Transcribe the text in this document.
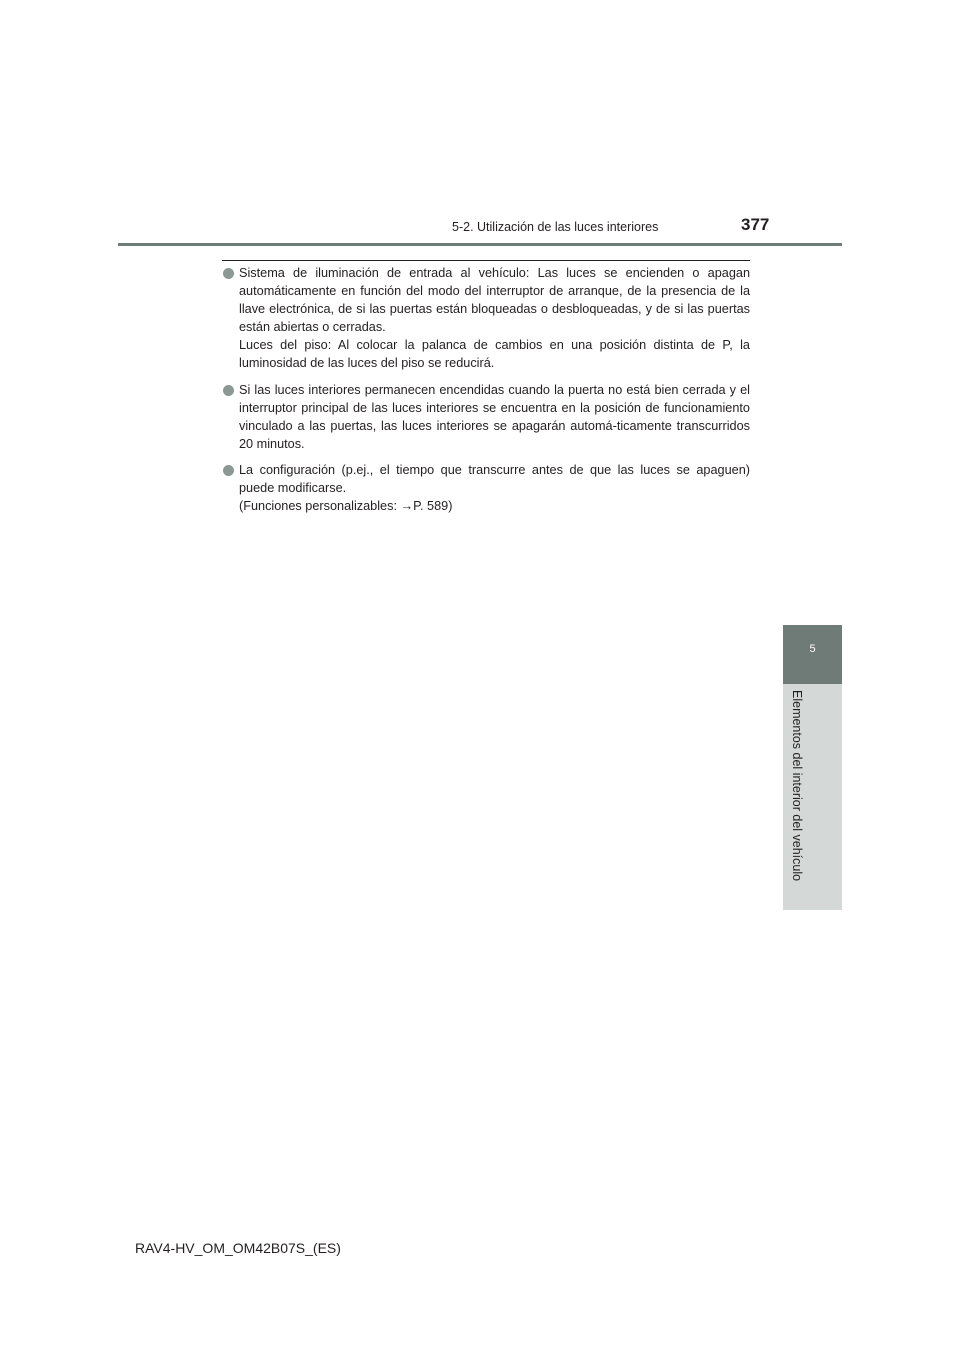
5-2. Utilización de las luces interiores	377
5
Elementos del interior del vehículo
Sistema de iluminación de entrada al vehículo: Las luces se encienden o apagan automáticamente en función del modo del interruptor de arranque, de la presencia de la llave electrónica, de si las puertas están bloqueadas o desbloqueadas, y de si las puertas están abiertas o cerradas.
Luces del piso: Al colocar la palanca de cambios en una posición distinta de P, la luminosidad de las luces del piso se reducirá.
Si las luces interiores permanecen encendidas cuando la puerta no está bien cerrada y el interruptor principal de las luces interiores se encuentra en la posición de funcionamiento vinculado a las puertas, las luces interiores se apagarán automá-ticamente transcurridos 20 minutos.
La configuración (p.ej., el tiempo que transcurre antes de que las luces se apaguen) puede modificarse.
(Funciones personalizables: →P. 589)
RAV4-HV_OM_OM42B07S_(ES)
